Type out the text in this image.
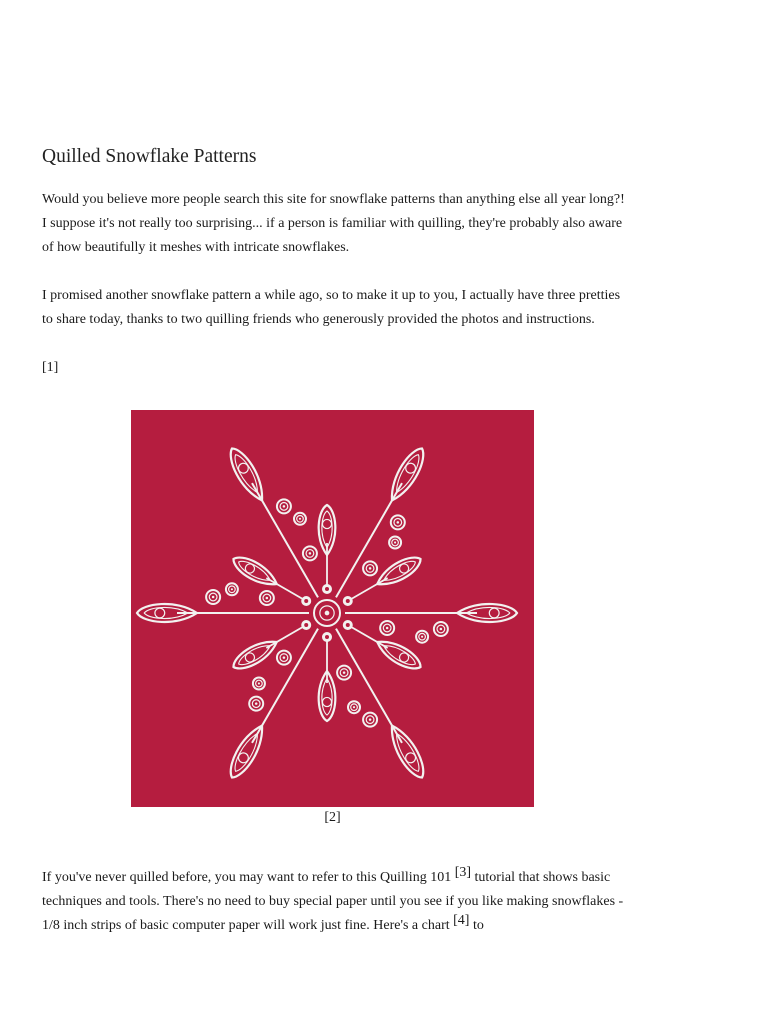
Quilled Snowflake Patterns

Would you believe more people search this site for snowflake patterns than anything else all year long?! I suppose it's not really too surprising... if a person is familiar with quilling, they're probably also aware of how beautifully it meshes with intricate snowflakes.

I promised another snowflake pattern a while ago, so to make it up to you, I actually have three pretties to share today, thanks to two quilling friends who generously provided the photos and instructions.

[1]
[2]

If you've never quilled before, you may want to refer to this Quilling 101 [3] tutorial that shows basic techniques and tools. There's no need to buy special paper until you see if you like making snowflakes - 1/8 inch strips of basic computer paper will work just fine. Here's a chart [4] to
